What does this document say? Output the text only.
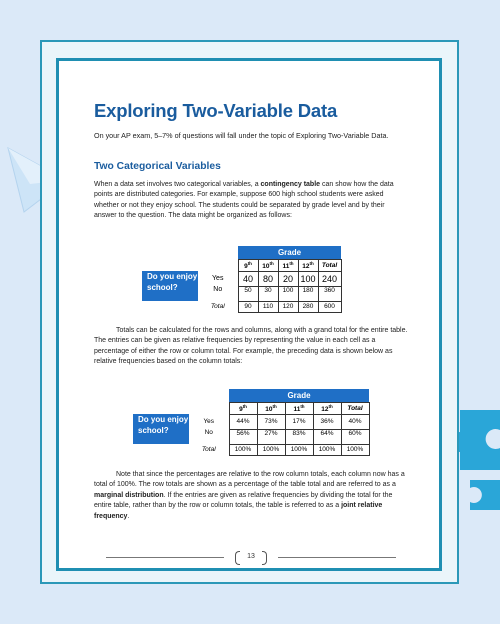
Exploring Two-Variable Data
On your AP exam, 5–7% of questions will fall under the topic of Exploring Two-Variable Data.
Two Categorical Variables
When a data set involves two categorical variables, a contingency table can show how the data points are distributed categories. For example, suppose 600 high school students were asked whether or not they enjoy school. The students could be separated by grade level and by their answer to the question. The data might be organized as follows:
		Grade				
		9th	10th	11th	12th	Total
Do you enjoy school?	Yes	40	80	20	100	240
	No	50	30	100	180	360
	Total	90	110	120	280	600
Totals can be calculated for the rows and columns, along with a grand total for the entire table. The entries can be given as relative frequencies by representing the value in each cell as a percentage of either the row or column total. For example, the preceding data is shown below as relative frequencies based on the column totals:
		Grade				
		9th	10th	11th	12th	Total
Do you enjoy school?	Yes	44%	73%	17%	36%	40%
	No	56%	27%	83%	64%	60%
	Total	100%	100%	100%	100%	100%
Note that since the percentages are relative to the row column totals, each column now has a total of 100%. The row totals are shown as a percentage of the table total and are referred to as a marginal distribution. If the entries are given as relative frequencies by dividing the total for the entire table, rather than by the row or column totals, the table is referred to as a joint relative frequency.
13
